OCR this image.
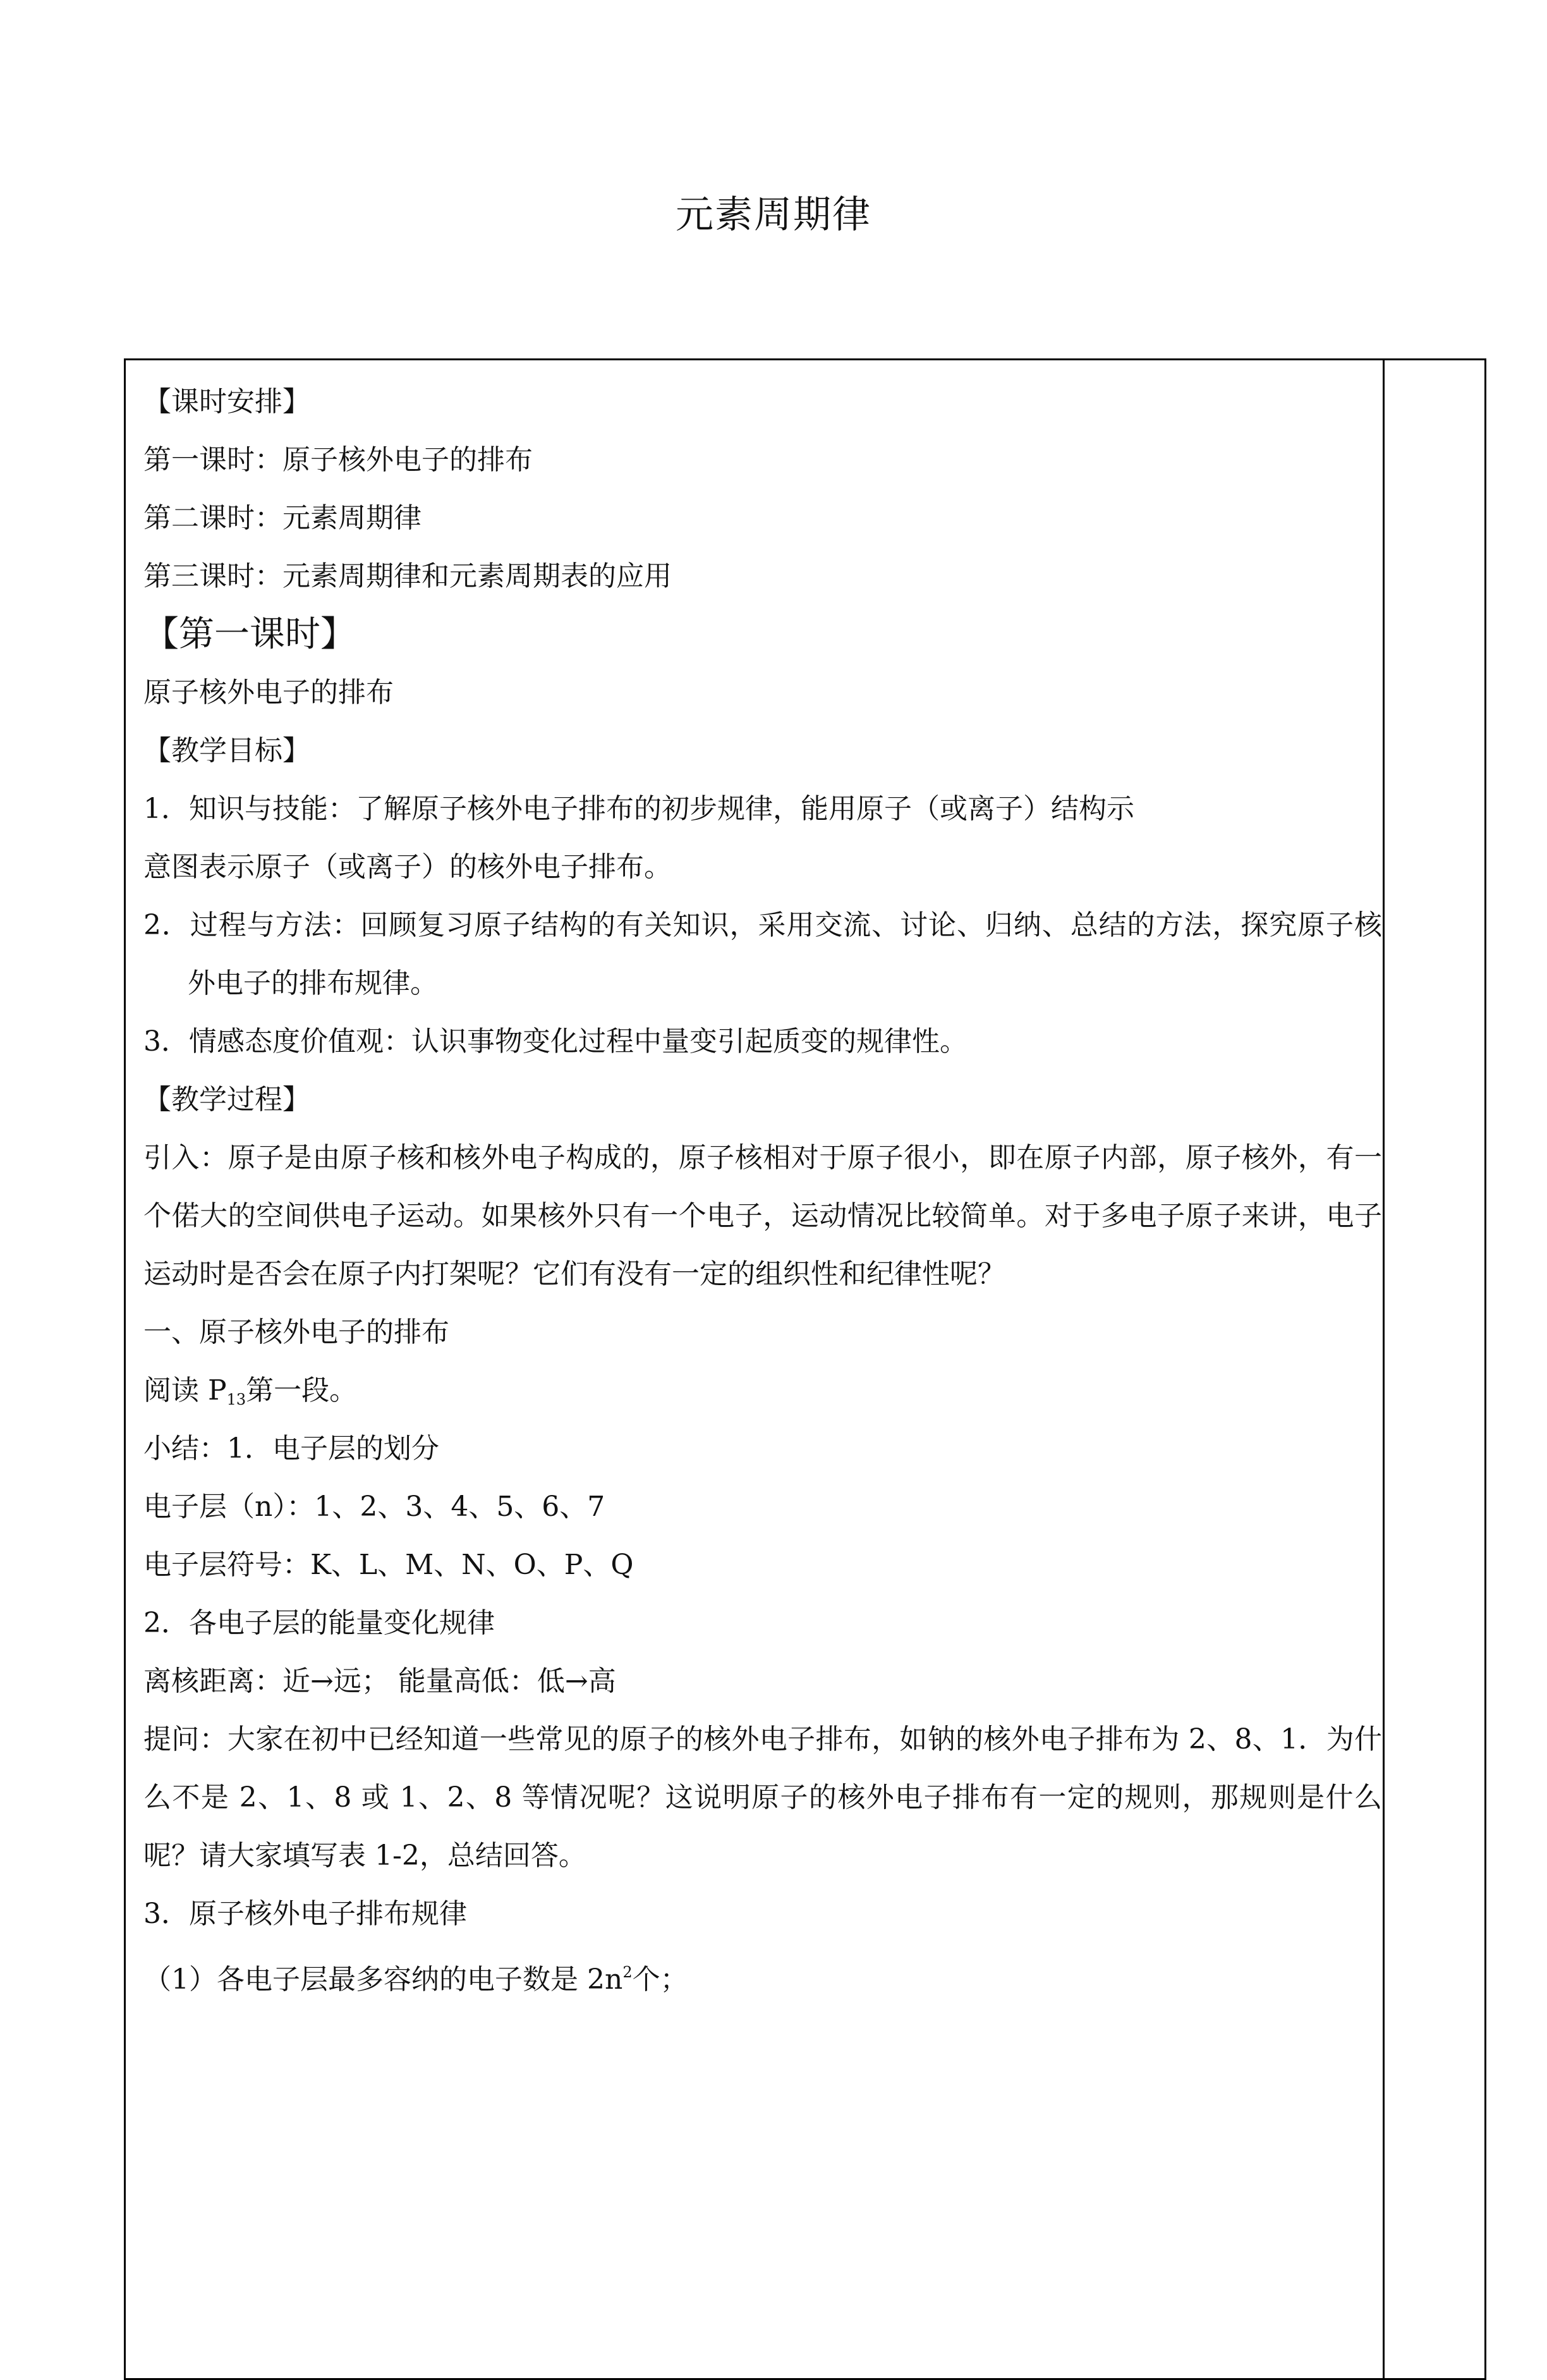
元素周期律
【课时安排】
第一课时：原子核外电子的排布
第二课时：元素周期律
第三课时：元素周期律和元素周期表的应用
【第一课时】
原子核外电子的排布
【教学目标】
1．知识与技能：了解原子核外电子排布的初步规律，能用原子（或离子）结构示
意图表示原子（或离子）的核外电子排布。
2．过程与方法：回顾复习原子结构的有关知识，采用交流、讨论、归纳、总结的方法，探究原子核外电子的排布规律。
3．情感态度价值观：认识事物变化过程中量变引起质变的规律性。
【教学过程】
引入：原子是由原子核和核外电子构成的，原子核相对于原子很小，即在原子内部，原子核外，有一个偌大的空间供电子运动。如果核外只有一个电子，运动情况比较简单。对于多电子原子来讲，电子运动时是否会在原子内打架呢？它们有没有一定的组织性和纪律性呢？
一、原子核外电子的排布
阅读 $P_{13}$第一段。
小结：1．电子层的划分
电子层（n）：1、2、3、4、5、6、7
电子层符号：K、L、M、N、O、P、Q
2．各电子层的能量变化规律
离核距离：近→远； 能量高低：低→高
提问：大家在初中已经知道一些常见的原子的核外电子排布，如钠的核外电子排布为 2、8、1．为什么不是 2、1、8 或 1、2、8 等情况呢？这说明原子的核外电子排布有一定的规则，那规则是什么呢？请大家填写表 1-2，总结回答。
3．原子核外电子排布规律
（1）各电子层最多容纳的电子数是 $2n^2$个；
